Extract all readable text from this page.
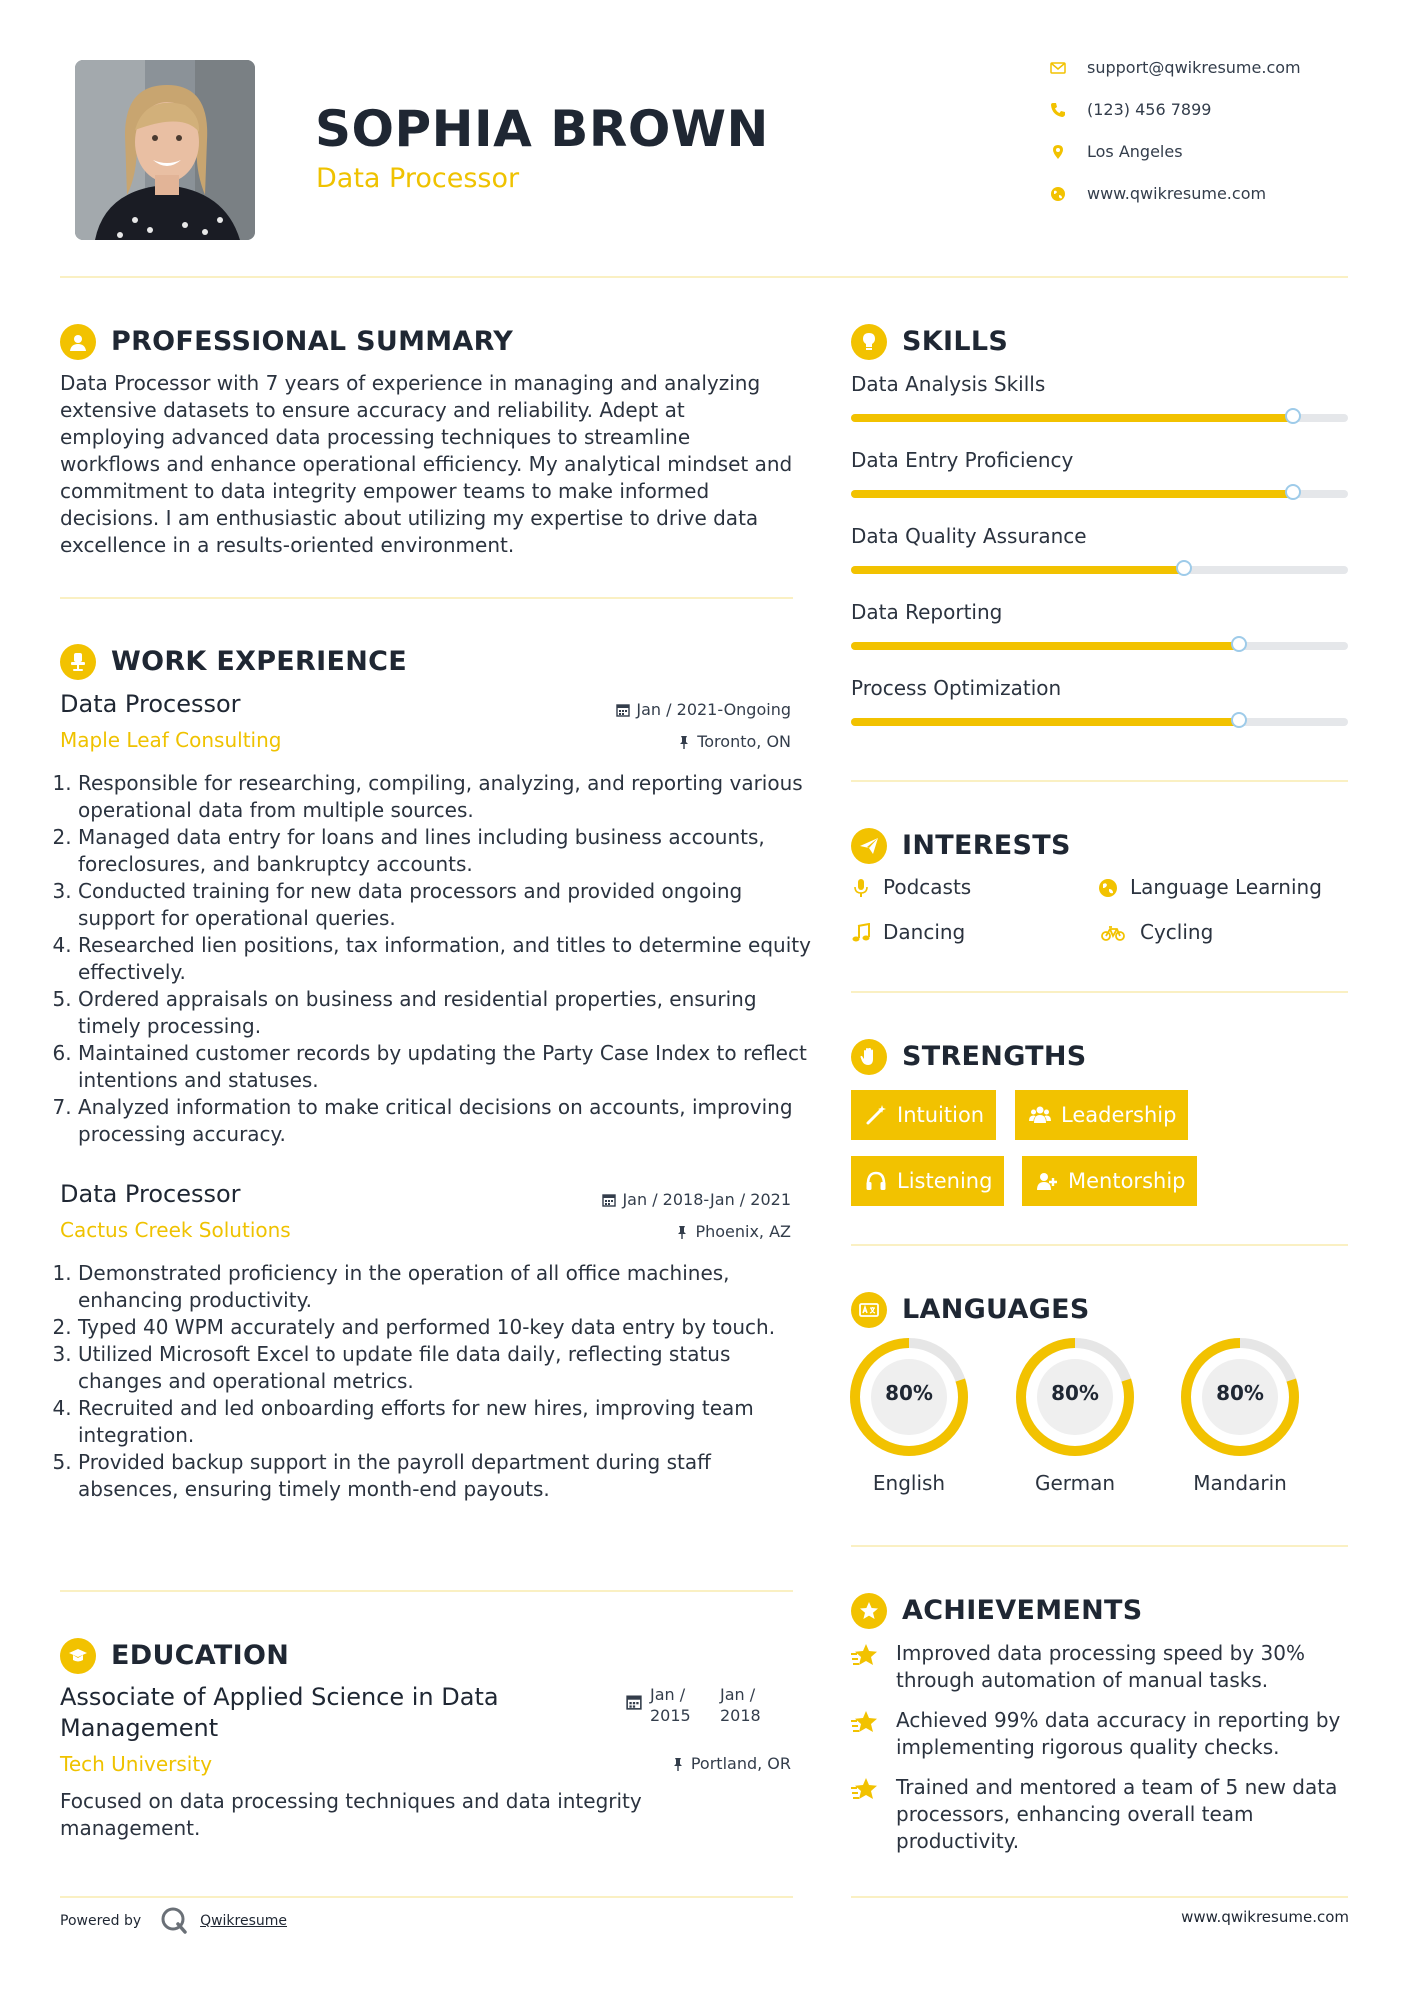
SOPHIA BROWN
Data Processor
support@qwikresume.com
(123) 456 7899
Los Angeles
www.qwikresume.com
PROFESSIONAL SUMMARY
Data Processor with 7 years of experience in managing and analyzing extensive datasets to ensure accuracy and reliability. Adept at employing advanced data processing techniques to streamline workflows and enhance operational efficiency. My analytical mindset and commitment to data integrity empower teams to make informed decisions. I am enthusiastic about utilizing my expertise to drive data excellence in a results-oriented environment.
WORK EXPERIENCE
Data Processor	Jan / 2021-Ongoing
Maple Leaf Consulting	Toronto, ON
1. Responsible for researching, compiling, analyzing, and reporting various operational data from multiple sources.
2. Managed data entry for loans and lines including business accounts, foreclosures, and bankruptcy accounts.
3. Conducted training for new data processors and provided ongoing support for operational queries.
4. Researched lien positions, tax information, and titles to determine equity effectively.
5. Ordered appraisals on business and residential properties, ensuring timely processing.
6. Maintained customer records by updating the Party Case Index to reflect intentions and statuses.
7. Analyzed information to make critical decisions on accounts, improving processing accuracy.
Data Processor	Jan / 2018-Jan / 2021
Cactus Creek Solutions	Phoenix, AZ
1. Demonstrated proficiency in the operation of all office machines, enhancing productivity.
2. Typed 40 WPM accurately and performed 10-key data entry by touch.
3. Utilized Microsoft Excel to update file data daily, reflecting status changes and operational metrics.
4. Recruited and led onboarding efforts for new hires, improving team integration.
5. Provided backup support in the payroll department during staff absences, ensuring timely month-end payouts.
EDUCATION
Associate of Applied Science in Data Management
Jan / 2015
Jan / 2018
Tech University	Portland, OR
Focused on data processing techniques and data integrity management.
SKILLS
Data Analysis Skills
Data Entry Proficiency
Data Quality Assurance
Data Reporting
Process Optimization
INTERESTS
Podcasts	Language Learning
Dancing	Cycling
STRENGTHS
Intuition	Leadership
Listening	Mentorship
LANGUAGES
80%
English
80%
German
80%
Mandarin
ACHIEVEMENTS
Improved data processing speed by 30% through automation of manual tasks.
Achieved 99% data accuracy in reporting by implementing rigorous quality checks.
Trained and mentored a team of 5 new data processors, enhancing overall team productivity.
Powered by	Qwikresume	www.qwikresume.com
